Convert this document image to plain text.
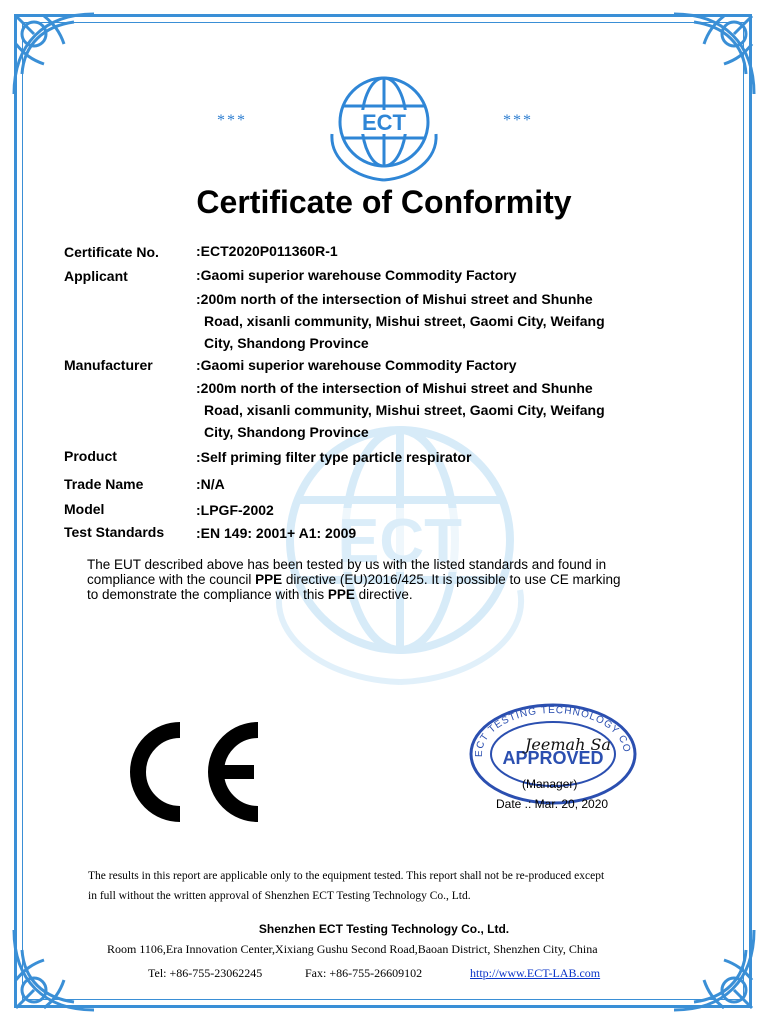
ECT
***	***
ECT
Certificate of Conformity
Certificate No.	:ECT2020P011360R-1
Applicant	:Gaomi superior warehouse Commodity Factory
:200m north of the intersection of Mishui street and Shunhe
Road, xisanli community, Mishui street, Gaomi City, Weifang
City, Shandong Province
Manufacturer	:Gaomi superior warehouse Commodity Factory
:200m north of the intersection of Mishui street and Shunhe
Road, xisanli community, Mishui street, Gaomi City, Weifang
City, Shandong Province
Product	:Self priming filter type particle respirator
Trade Name	:N/A
Model	:LPGF-2002
Test Standards :EN 149: 2001+ A1: 2009
The EUT described above has been tested by us with the listed standards and found in
compliance with the council PPE directive (EU)2016/425. It is possible to use CE marking
to demonstrate the compliance with this PPE directive.
ECT TESTING TECHNOLOGY CO
APPROVED
Jeemah Sa
(Manager)
Date .: Mar. 20, 2020
The results in this report are applicable only to the equipment tested. This report shall not be re-produced except
in full without the written approval of Shenzhen ECT Testing Technology Co., Ltd.
Shenzhen ECT Testing Technology Co., Ltd.
Room 1106,Era Innovation Center,Xixiang Gushu Second Road,Baoan District, Shenzhen City, China
Tel: +86-755-23062245	Fax: +86-755-26609102	http://www.ECT-LAB.com
